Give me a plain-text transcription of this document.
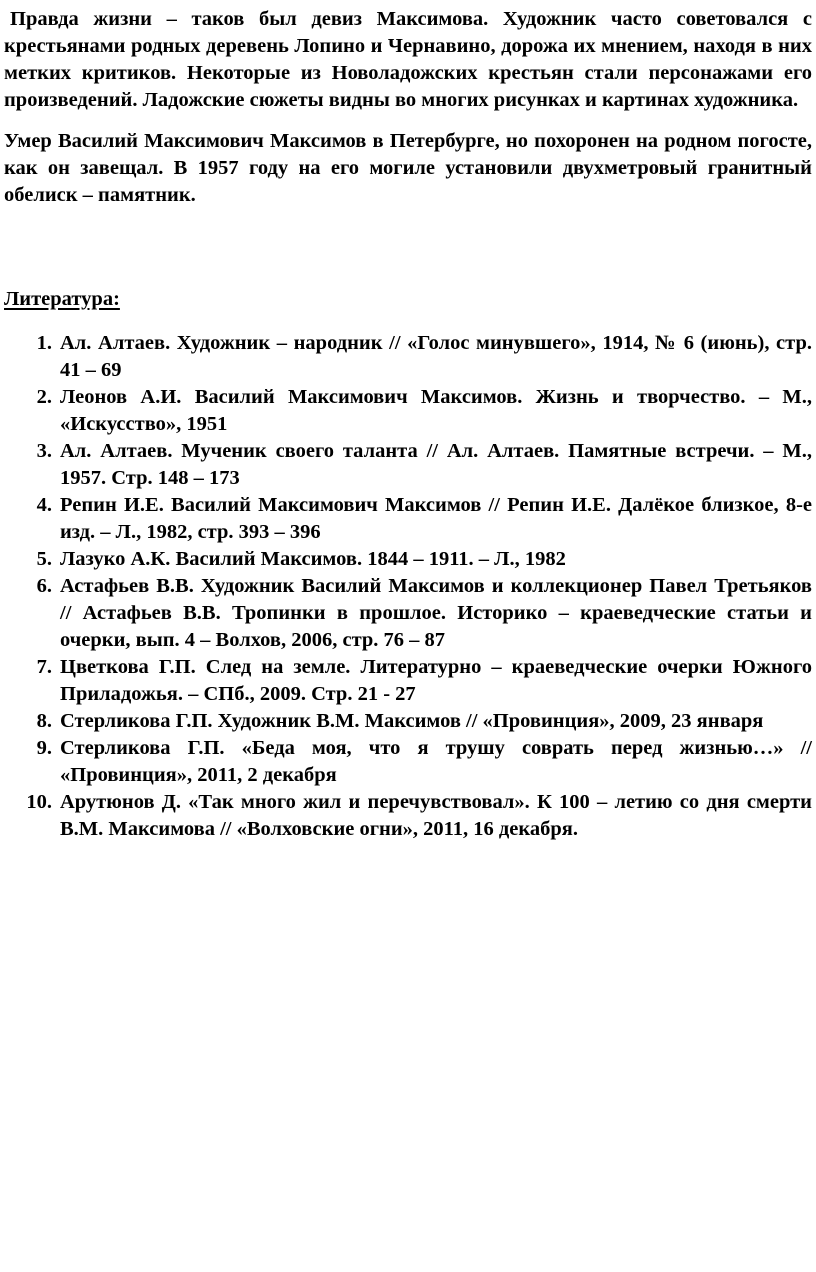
Правда жизни – таков был девиз Максимова. Художник часто советовался с крестьянами родных деревень Лопино и Чернавино, дорожа их мнением, находя в них метких критиков. Некоторые из Новоладожских крестьян стали персонажами его произведений. Ладожские сюжеты видны во многих рисунках и картинах художника.

Умер Василий Максимович Максимов в Петербурге, но похоронен на родном погосте, как он завещал. В 1957 году на его могиле установили двухметровый гранитный обелиск – памятник.

Литература:

1. Ал. Алтаев. Художник – народник // «Голос минувшего», 1914, № 6 (июнь), стр. 41 – 69
2. Леонов А.И. Василий Максимович Максимов. Жизнь и творчество. – М., «Искусство», 1951
3. Ал. Алтаев. Мученик своего таланта // Ал. Алтаев. Памятные встречи. – М., 1957. Стр. 148 – 173
4. Репин И.Е. Василий Максимович Максимов // Репин И.Е. Далёкое близкое, 8-е изд. – Л., 1982, стр. 393 – 396
5. Лазуко А.К. Василий Максимов. 1844 – 1911. – Л., 1982
6. Астафьев В.В. Художник Василий Максимов и коллекционер Павел Третьяков // Астафьев В.В. Тропинки в прошлое. Историко – краеведческие статьи и очерки, вып. 4 – Волхов, 2006, стр. 76 – 87
7. Цветкова Г.П. След на земле. Литературно – краеведческие очерки Южного Приладожья. – СПб., 2009. Стр. 21 - 27
8. Стерликова Г.П. Художник В.М. Максимов // «Провинция», 2009, 23 января
9. Стерликова Г.П. «Беда моя, что я трушу соврать перед жизнью…» // «Провинция», 2011, 2 декабря
10. Арутюнов Д. «Так много жил и перечувствовал». К 100 – летию со дня смерти В.М. Максимова // «Волховские огни», 2011, 16 декабря.
